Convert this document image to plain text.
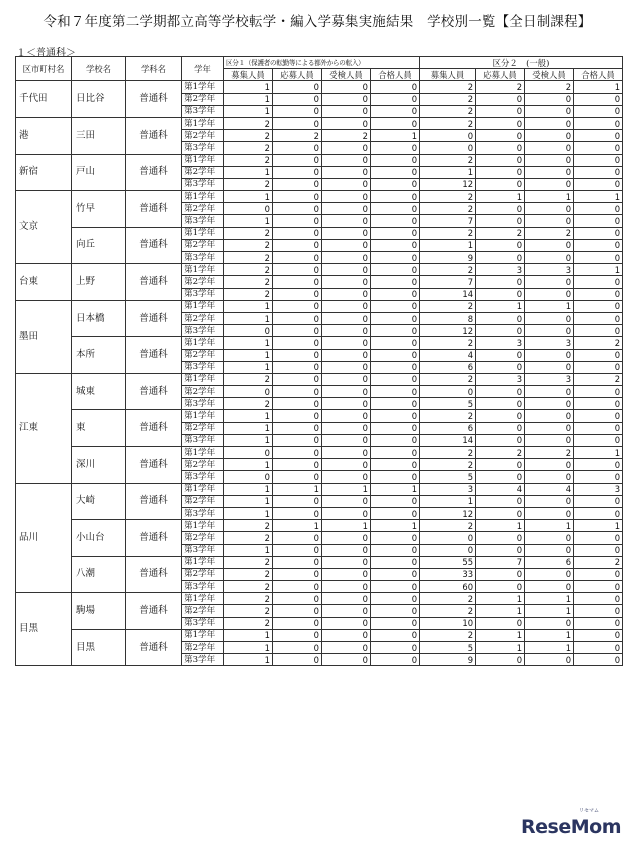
令和７年度第二学期都立高等学校転学・編入学募集実施結果　学校別一覧【全日制課程】
１＜普通科＞
区市町村名	学校名	学科名	学年	区分１（保護者の転勤等による都外からの転入）				区分２　(一般)			
				募集人員	応募人員	受検人員	合格人員	募集人員	応募人員	受検人員	合格人員
千代田	日比谷	普通科	第1学年	1	0	0	0	2	2	2	1
			第2学年	1	0	0	0	2	0	0	0
			第3学年	1	0	0	0	2	0	0	0
港	三田	普通科	第1学年	2	0	0	0	2	0	0	0
			第2学年	2	2	2	1	0	0	0	0
			第3学年	2	0	0	0	0	0	0	0
新宿	戸山	普通科	第1学年	2	0	0	0	2	0	0	0
			第2学年	1	0	0	0	1	0	0	0
			第3学年	2	0	0	0	12	0	0	0
文京	竹早	普通科	第1学年	1	0	0	0	2	1	1	1
			第2学年	0	0	0	0	2	0	0	0
			第3学年	1	0	0	0	7	0	0	0
	向丘	普通科	第1学年	2	0	0	0	2	2	2	0
			第2学年	2	0	0	0	1	0	0	0
			第3学年	2	0	0	0	9	0	0	0
台東	上野	普通科	第1学年	2	0	0	0	2	3	3	1
			第2学年	2	0	0	0	7	0	0	0
			第3学年	2	0	0	0	14	0	0	0
墨田	日本橋	普通科	第1学年	1	0	0	0	2	1	1	0
			第2学年	1	0	0	0	8	0	0	0
			第3学年	0	0	0	0	12	0	0	0
	本所	普通科	第1学年	1	0	0	0	2	3	3	2
			第2学年	1	0	0	0	4	0	0	0
			第3学年	1	0	0	0	6	0	0	0
江東	城東	普通科	第1学年	2	0	0	0	2	3	3	2
			第2学年	0	0	0	0	0	0	0	0
			第3学年	2	0	0	0	5	0	0	0
	東	普通科	第1学年	1	0	0	0	2	0	0	0
			第2学年	1	0	0	0	6	0	0	0
			第3学年	1	0	0	0	14	0	0	0
	深川	普通科	第1学年	0	0	0	0	2	2	2	1
			第2学年	1	0	0	0	2	0	0	0
			第3学年	0	0	0	0	5	0	0	0
品川	大崎	普通科	第1学年	1	1	1	1	3	4	4	3
			第2学年	1	0	0	0	1	0	0	0
			第3学年	1	0	0	0	12	0	0	0
	小山台	普通科	第1学年	2	1	1	1	2	1	1	1
			第2学年	2	0	0	0	0	0	0	0
			第3学年	1	0	0	0	0	0	0	0
	八潮	普通科	第1学年	2	0	0	0	55	7	6	2
			第2学年	2	0	0	0	33	0	0	0
			第3学年	2	0	0	0	60	0	0	0
目黒	駒場	普通科	第1学年	2	0	0	0	2	1	1	0
			第2学年	2	0	0	0	2	1	1	0
			第3学年	2	0	0	0	10	0	0	0
	目黒	普通科	第1学年	1	0	0	0	2	1	1	0
			第2学年	1	0	0	0	5	1	1	0
			第3学年	1	0	0	0	9	0	0	0
リセマム
ReseMom
